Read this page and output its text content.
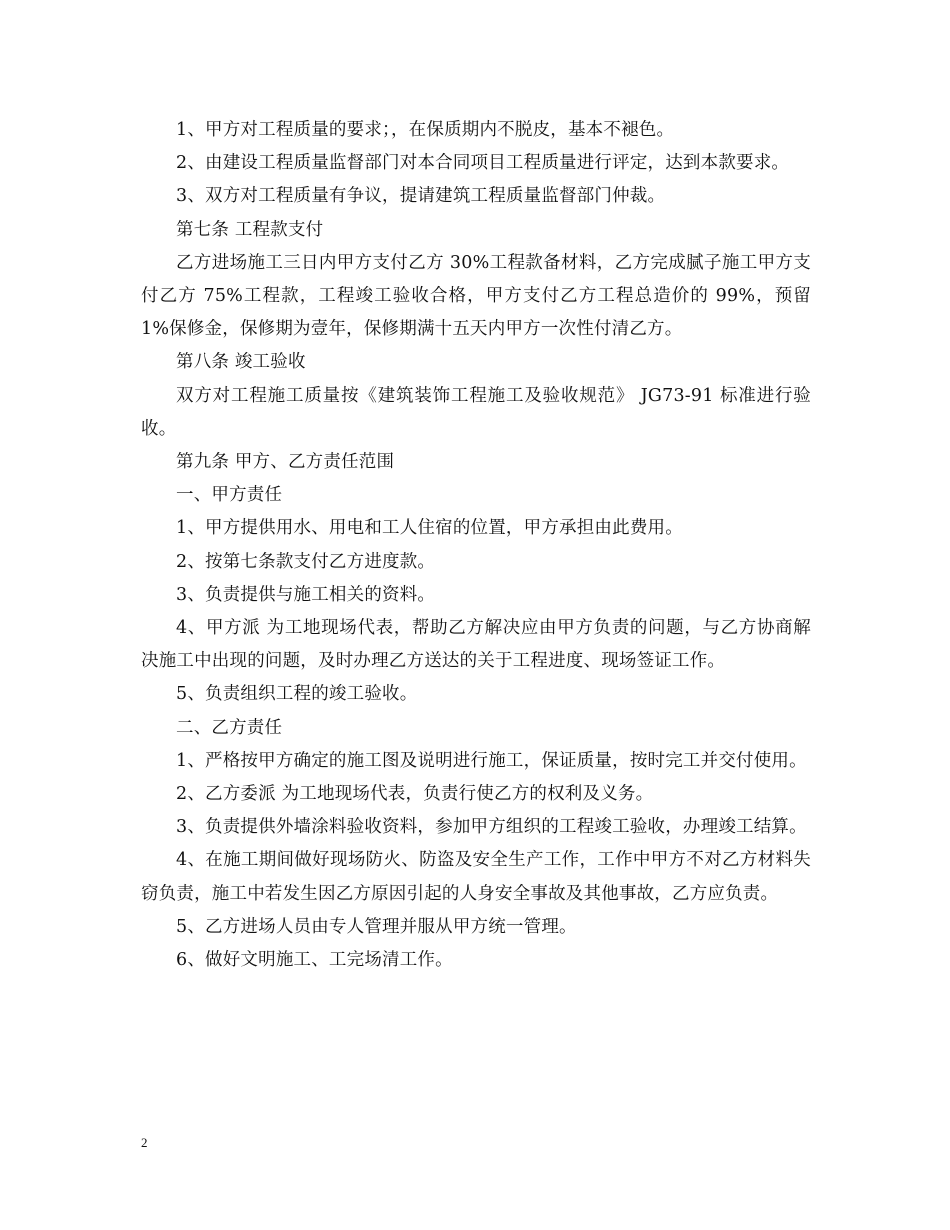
1、甲方对工程质量的要求；，在保质期内不脱皮，基本不褪色。

2、由建设工程质量监督部门对本合同项目工程质量进行评定，达到本款要求。

3、双方对工程质量有争议，提请建筑工程质量监督部门仲裁。

第七条 工程款支付

乙方进场施工三日内甲方支付乙方 30%工程款备材料，乙方完成腻子施工甲方支付乙方 75%工程款，工程竣工验收合格，甲方支付乙方工程总造价的 99%，预留 1%保修金，保修期为壹年，保修期满十五天内甲方一次性付清乙方。

第八条 竣工验收

双方对工程施工质量按《建筑装饰工程施工及验收规范》 JG73-91 标准进行验收。

第九条 甲方、乙方责任范围

一、甲方责任

1、甲方提供用水、用电和工人住宿的位置，甲方承担由此费用。

2、按第七条款支付乙方进度款。

3、负责提供与施工相关的资料。

4、甲方派 为工地现场代表，帮助乙方解决应由甲方负责的问题，与乙方协商解决施工中出现的问题，及时办理乙方送达的关于工程进度、现场签证工作。

5、负责组织工程的竣工验收。

二、乙方责任

1、严格按甲方确定的施工图及说明进行施工，保证质量，按时完工并交付使用。

2、乙方委派 为工地现场代表，负责行使乙方的权利及义务。

3、负责提供外墙涂料验收资料，参加甲方组织的工程竣工验收，办理竣工结算。

4、在施工期间做好现场防火、防盗及安全生产工作，工作中甲方不对乙方材料失窃负责，施工中若发生因乙方原因引起的人身安全事故及其他事故，乙方应负责。

5、乙方进场人员由专人管理并服从甲方统一管理。

6、做好文明施工、工完场清工作。

2
